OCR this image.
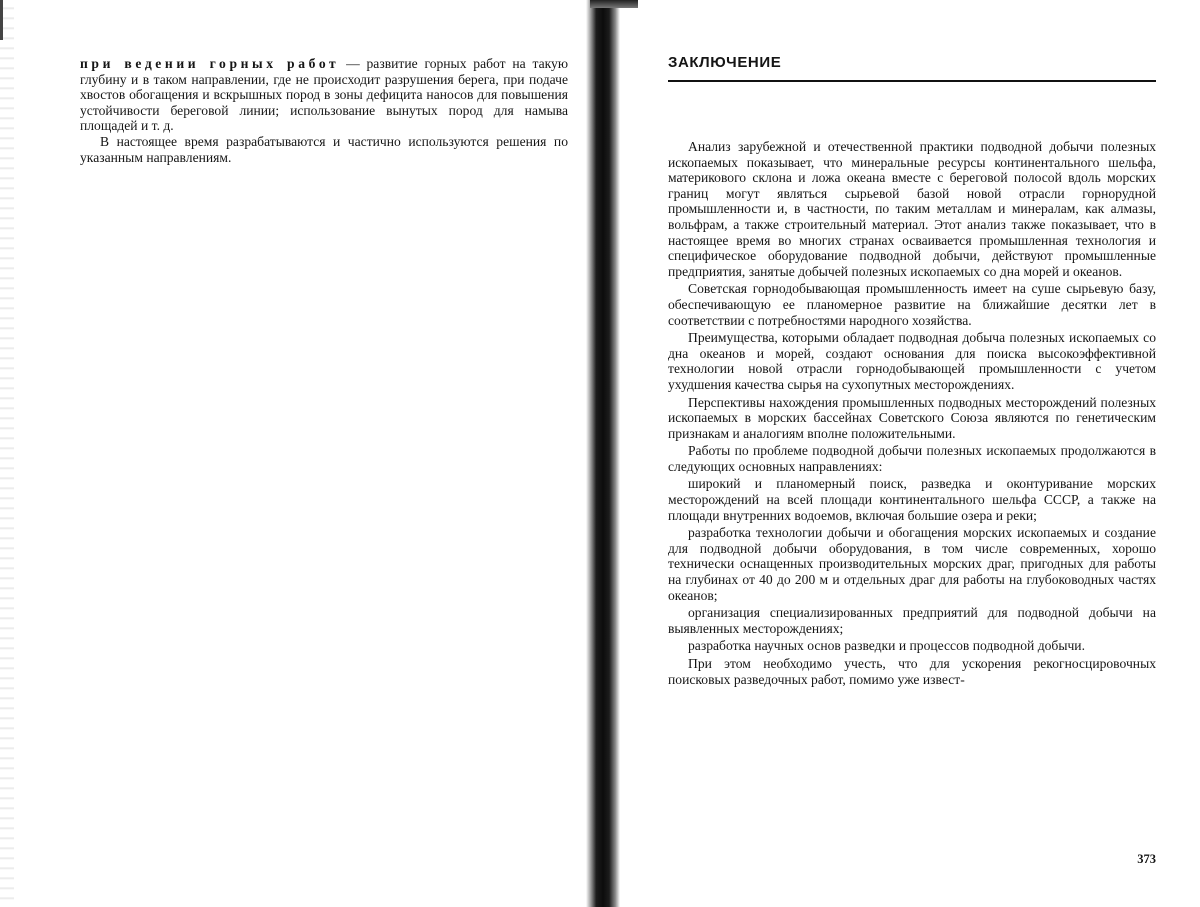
при ведении горных работ — развитие горных работ на такую глубину и в таком направлении, где не происходит разрушения берега, при подаче хвостов обогащения и вскрышных пород в зоны дефицита наносов для повышения устойчивости береговой линии; использование вынутых пород для намыва площадей и т. д.

В настоящее время разрабатываются и частично используются решения по указанным направлениям.

ЗАКЛЮЧЕНИЕ

Анализ зарубежной и отечественной практики подводной добычи полезных ископаемых показывает, что минеральные ресурсы континентального шельфа, материкового склона и ложа океана вместе с береговой полосой вдоль морских границ могут являться сырьевой базой новой отрасли горнорудной промышленности и, в частности, по таким металлам и минералам, как алмазы, вольфрам, а также строительный материал. Этот анализ также показывает, что в настоящее время во многих странах осваивается промышленная технология и специфическое оборудование подводной добычи, действуют промышленные предприятия, занятые добычей полезных ископаемых со дна морей и океанов.

Советская горнодобывающая промышленность имеет на суше сырьевую базу, обеспечивающую ее планомерное развитие на ближайшие десятки лет в соответствии с потребностями народного хозяйства.

Преимущества, которыми обладает подводная добыча полезных ископаемых со дна океанов и морей, создают основания для поиска высокоэффективной технологии новой отрасли горнодобывающей промышленности с учетом ухудшения качества сырья на сухопутных месторождениях.

Перспективы нахождения промышленных подводных месторождений полезных ископаемых в морских бассейнах Советского Союза являются по генетическим признакам и аналогиям вполне положительными.

Работы по проблеме подводной добычи полезных ископаемых продолжаются в следующих основных направлениях:

широкий и планомерный поиск, разведка и оконтуривание морских месторождений на всей площади континентального шельфа СССР, а также на площади внутренних водоемов, включая большие озера и реки;

разработка технологии добычи и обогащения морских ископаемых и создание для подводной добычи оборудования, в том числе современных, хорошо технически оснащенных производительных морских драг, пригодных для работы на глубинах от 40 до 200 м и отдельных драг для работы на глубоководных частях океанов;

организация специализированных предприятий для подводной добычи на выявленных месторождениях;

разработка научных основ разведки и процессов подводной добычи.

При этом необходимо учесть, что для ускорения рекогносцировочных поисковых разведочных работ, помимо уже извест-

373
